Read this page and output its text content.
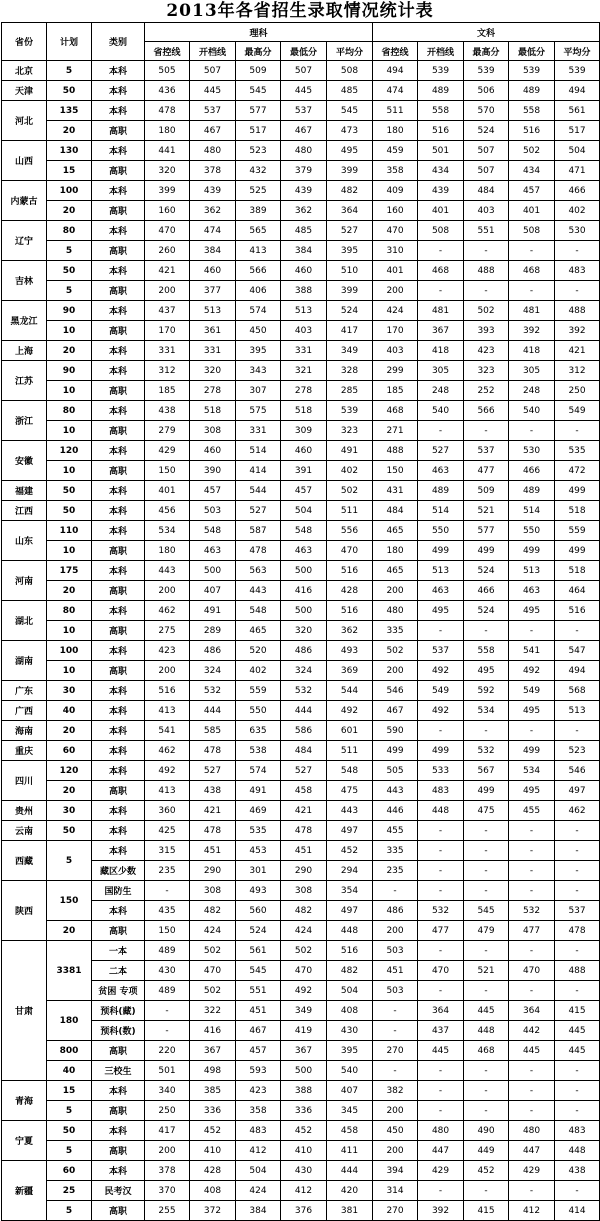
2013年各省招生录取情况统计表
省份	计划	类别	理科					文科				
			省控线	开档线	最高分	最低分	平均分	省控线	开档线	最高分	最低分	平均分
北京	5	本科	505	507	509	507	508	494	539	539	539	539
天津	50	本科	436	445	545	445	485	474	489	506	489	494
河北	135	本科	478	537	577	537	545	511	558	570	558	561
	20	高职	180	467	517	467	473	180	516	524	516	517
山西	130	本科	441	480	523	480	495	459	501	507	502	504
	15	高职	320	378	432	379	399	358	434	507	434	471
内蒙古	100	本科	399	439	525	439	482	409	439	484	457	466
	20	高职	160	362	389	362	364	160	401	403	401	402
辽宁	80	本科	470	474	565	485	527	470	508	551	508	530
	5	高职	260	384	413	384	395	310	-	-	-	-
吉林	50	本科	421	460	566	460	510	401	468	488	468	483
	5	高职	200	377	406	388	399	200	-	-	-	-
黑龙江	90	本科	437	513	574	513	524	424	481	502	481	488
	10	高职	170	361	450	403	417	170	367	393	392	392
上海	20	本科	331	331	395	331	349	403	418	423	418	421
江苏	90	本科	312	320	343	321	328	299	305	323	305	312
	10	高职	185	278	307	278	285	185	248	252	248	250
浙江	80	本科	438	518	575	518	539	468	540	566	540	549
	10	高职	279	308	331	309	323	271	-	-	-	-
安徽	120	本科	429	460	514	460	491	488	527	537	530	535
	10	高职	150	390	414	391	402	150	463	477	466	472
福建	50	本科	401	457	544	457	502	431	489	509	489	499
江西	50	本科	456	503	527	504	511	484	514	521	514	518
山东	110	本科	534	548	587	548	556	465	550	577	550	559
	10	高职	180	463	478	463	470	180	499	499	499	499
河南	175	本科	443	500	563	500	516	465	513	524	513	518
	20	高职	200	407	443	416	428	200	463	466	463	464
湖北	80	本科	462	491	548	500	516	480	495	524	495	516
	10	高职	275	289	465	320	362	335	-	-	-	-
湖南	100	本科	423	486	520	486	493	502	537	558	541	547
	10	高职	200	324	402	324	369	200	492	495	492	494
广东	30	本科	516	532	559	532	544	546	549	592	549	568
广西	40	本科	413	444	550	444	492	467	492	534	495	513
海南	20	本科	541	585	635	586	601	590	-	-	-	-
重庆	60	本科	462	478	538	484	511	499	499	532	499	523
四川	120	本科	492	527	574	527	548	505	533	567	534	546
	20	高职	413	438	491	458	475	443	483	499	495	497
贵州	30	本科	360	421	469	421	443	446	448	475	455	462
云南	50	本科	425	478	535	478	497	455	-	-	-	-
西藏	5	本科	315	451	453	451	452	335	-	-	-	-
		藏区少数	235	290	301	290	294	235	-	-	-	-
陕西	150	国防生	-	308	493	308	354	-	-	-	-	-
		本科	435	482	560	482	497	486	532	545	532	537
	20	高职	150	424	524	424	448	200	477	479	477	478
甘肃	3381	一本	489	502	561	502	516	503	-	-	-	-
		二本	430	470	545	470	482	451	470	521	470	488
		贫困 专项	489	502	551	492	504	503	-	-	-	-
	180	预科(藏)	-	322	451	349	408	-	364	445	364	415
		预科(数)	-	416	467	419	430	-	437	448	442	445
	800	高职	220	367	457	367	395	270	445	468	445	445
	40	三校生	501	498	593	500	540	-	-	-	-	-
青海	15	本科	340	385	423	388	407	382	-	-	-	-
	5	高职	250	336	358	336	345	200	-	-	-	-
宁夏	50	本科	417	452	483	452	458	450	480	490	480	483
	5	高职	200	410	412	410	411	200	447	449	447	448
新疆	60	本科	378	428	504	430	444	394	429	452	429	438
	25	民考汉	370	408	424	412	420	314	-	-	-	-
	5	高职	255	372	384	376	381	270	392	415	412	414
